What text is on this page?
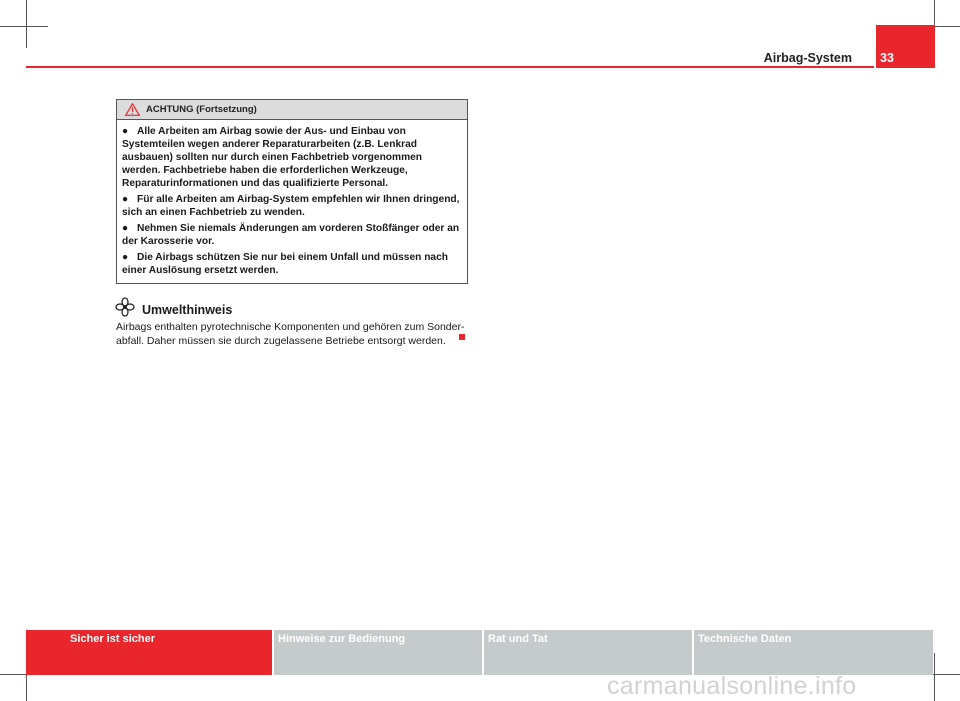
33
Airbag-System
ACHTUNG (Fortsetzung)
● Alle Arbeiten am Airbag sowie der Aus- und Einbau von Systemteilen wegen anderer Reparaturarbeiten (z.B. Lenkrad ausbauen) sollten nur durch einen Fachbetrieb vorgenommen werden. Fachbetriebe haben die erforderlichen Werkzeuge, Reparaturinformationen und das qualifizierte Personal.
● Für alle Arbeiten am Airbag-System empfehlen wir Ihnen dringend, sich an einen Fachbetrieb zu wenden.
● Nehmen Sie niemals Änderungen am vorderen Stoßfänger oder an der Karosserie vor.
● Die Airbags schützen Sie nur bei einem Unfall und müssen nach einer Auslösung ersetzt werden.
Umwelthinweis
Airbags enthalten pyrotechnische Komponenten und gehören zum Sonder-abfall. Daher müssen sie durch zugelassene Betriebe entsorgt werden.
Sicher ist sicher	Hinweise zur Bedienung	Rat und Tat	Technische Daten
carmanualsonline.info
